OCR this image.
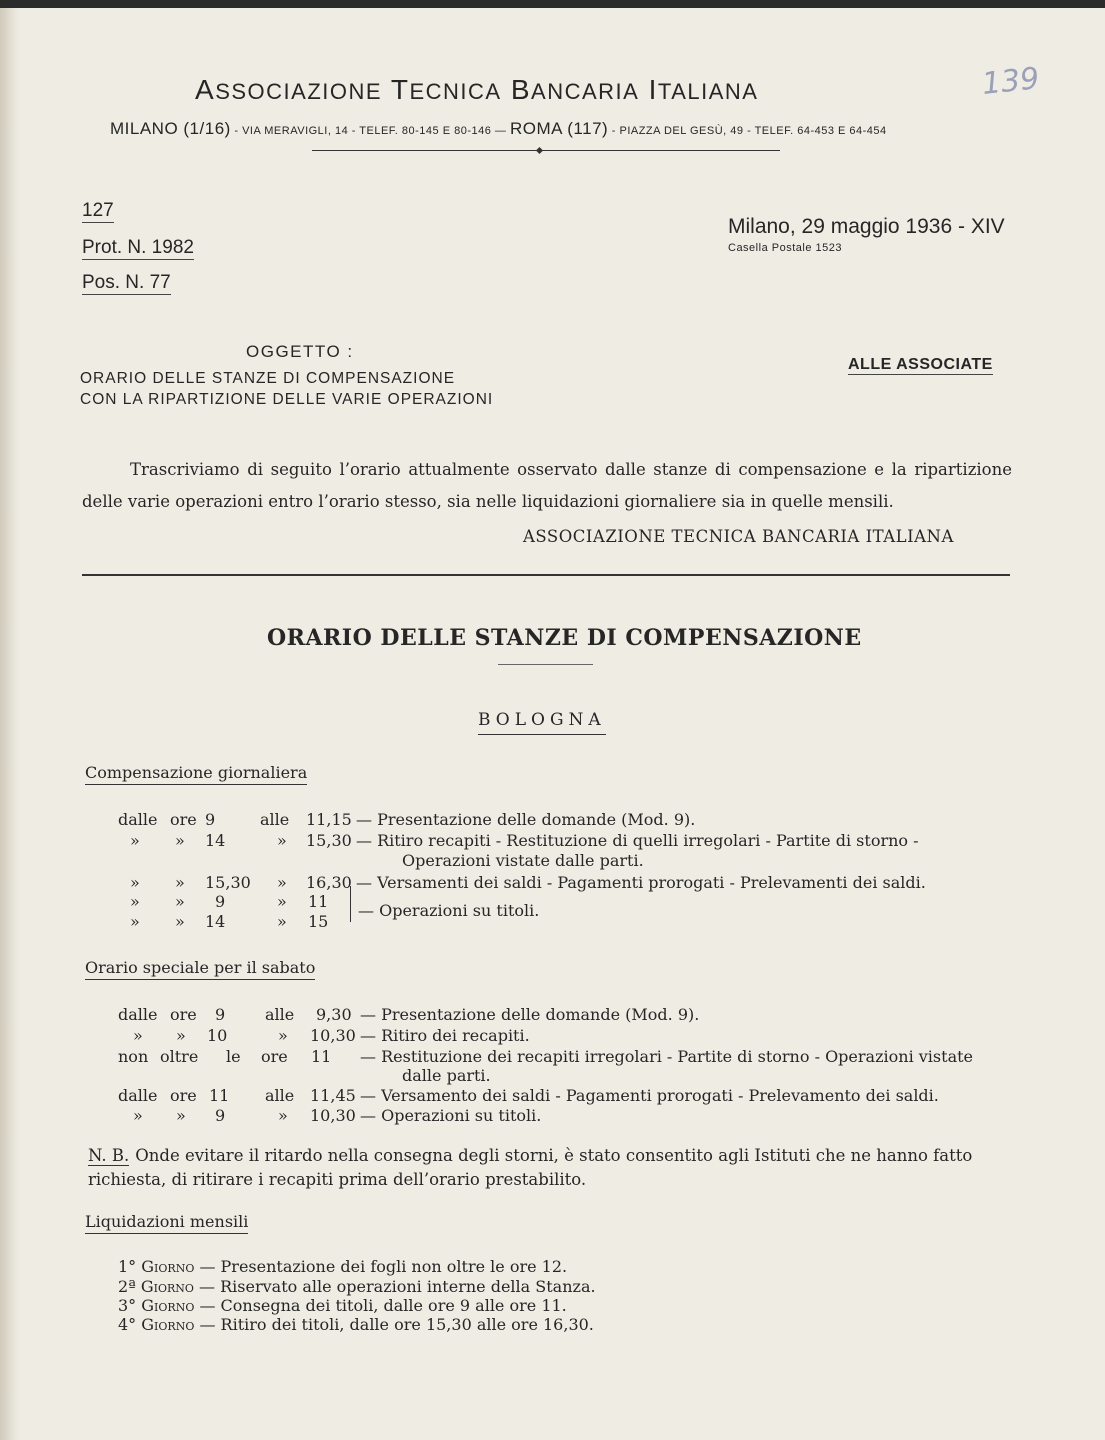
139
ASSOCIAZIONE TECNICA BANCARIA ITALIANA
MILANO (1/16) - VIA MERAVIGLI, 14 - TELEF. 80-145 E 80-146 — ROMA (117) - PIAZZA DEL GESÙ, 49 - TELEF. 64-453 E 64-454
127
Prot. N. 1982
Pos. N. 77
Milano, 29 maggio 1936 - XIV
Casella Postale 1523
OGGETTO :
ORARIO DELLE STANZE DI COMPENSAZIONE
CON LA RIPARTIZIONE DELLE VARIE OPERAZIONI
ALLE ASSOCIATE
Trascriviamo di seguito l’orario attualmente osservato dalle stanze di compensazione e la ripartizione delle varie operazioni entro l’orario stesso, sia nelle liquidazioni giornaliere sia in quelle mensili.
ASSOCIAZIONE TECNICA BANCARIA ITALIANA
ORARIO DELLE STANZE DI COMPENSAZIONE
BOLOGNA
Compensazione giornaliera
dalle ore 9	alle 11,15 — Presentazione delle domande (Mod. 9).
» » 14	» 15,30 — Ritiro recapiti - Restituzione di quelli irregolari - Partite di storno -
Operazioni vistate dalle parti.
» » 15,30 » 16,30 — Versamenti dei saldi - Pagamenti prorogati - Prelevamenti dei saldi.
» » 9	» 11
» » 14	» 15
— Operazioni su titoli.
Orario speciale per il sabato
dalle ore 9 alle 9,30 — Presentazione delle domande (Mod. 9).
» » 10	» 10,30 — Ritiro dei recapiti.
non oltre le ore 11 — Restituzione dei recapiti irregolari - Partite di storno - Operazioni vistate
dalle parti.
dalle ore 11 alle 11,45 — Versamento dei saldi - Pagamenti prorogati - Prelevamento dei saldi.
» » 9	» 10,30 — Operazioni su titoli.
N. B. Onde evitare il ritardo nella consegna degli storni, è stato consentito agli Istituti che ne hanno fatto richiesta, di ritirare i recapiti prima dell’orario prestabilito.
Liquidazioni mensili
1° Giorno — Presentazione dei fogli non oltre le ore 12.
2ª Giorno — Riservato alle operazioni interne della Stanza.
3° Giorno — Consegna dei titoli, dalle ore 9 alle ore 11.
4° Giorno — Ritiro dei titoli, dalle ore 15,30 alle ore 16,30.
